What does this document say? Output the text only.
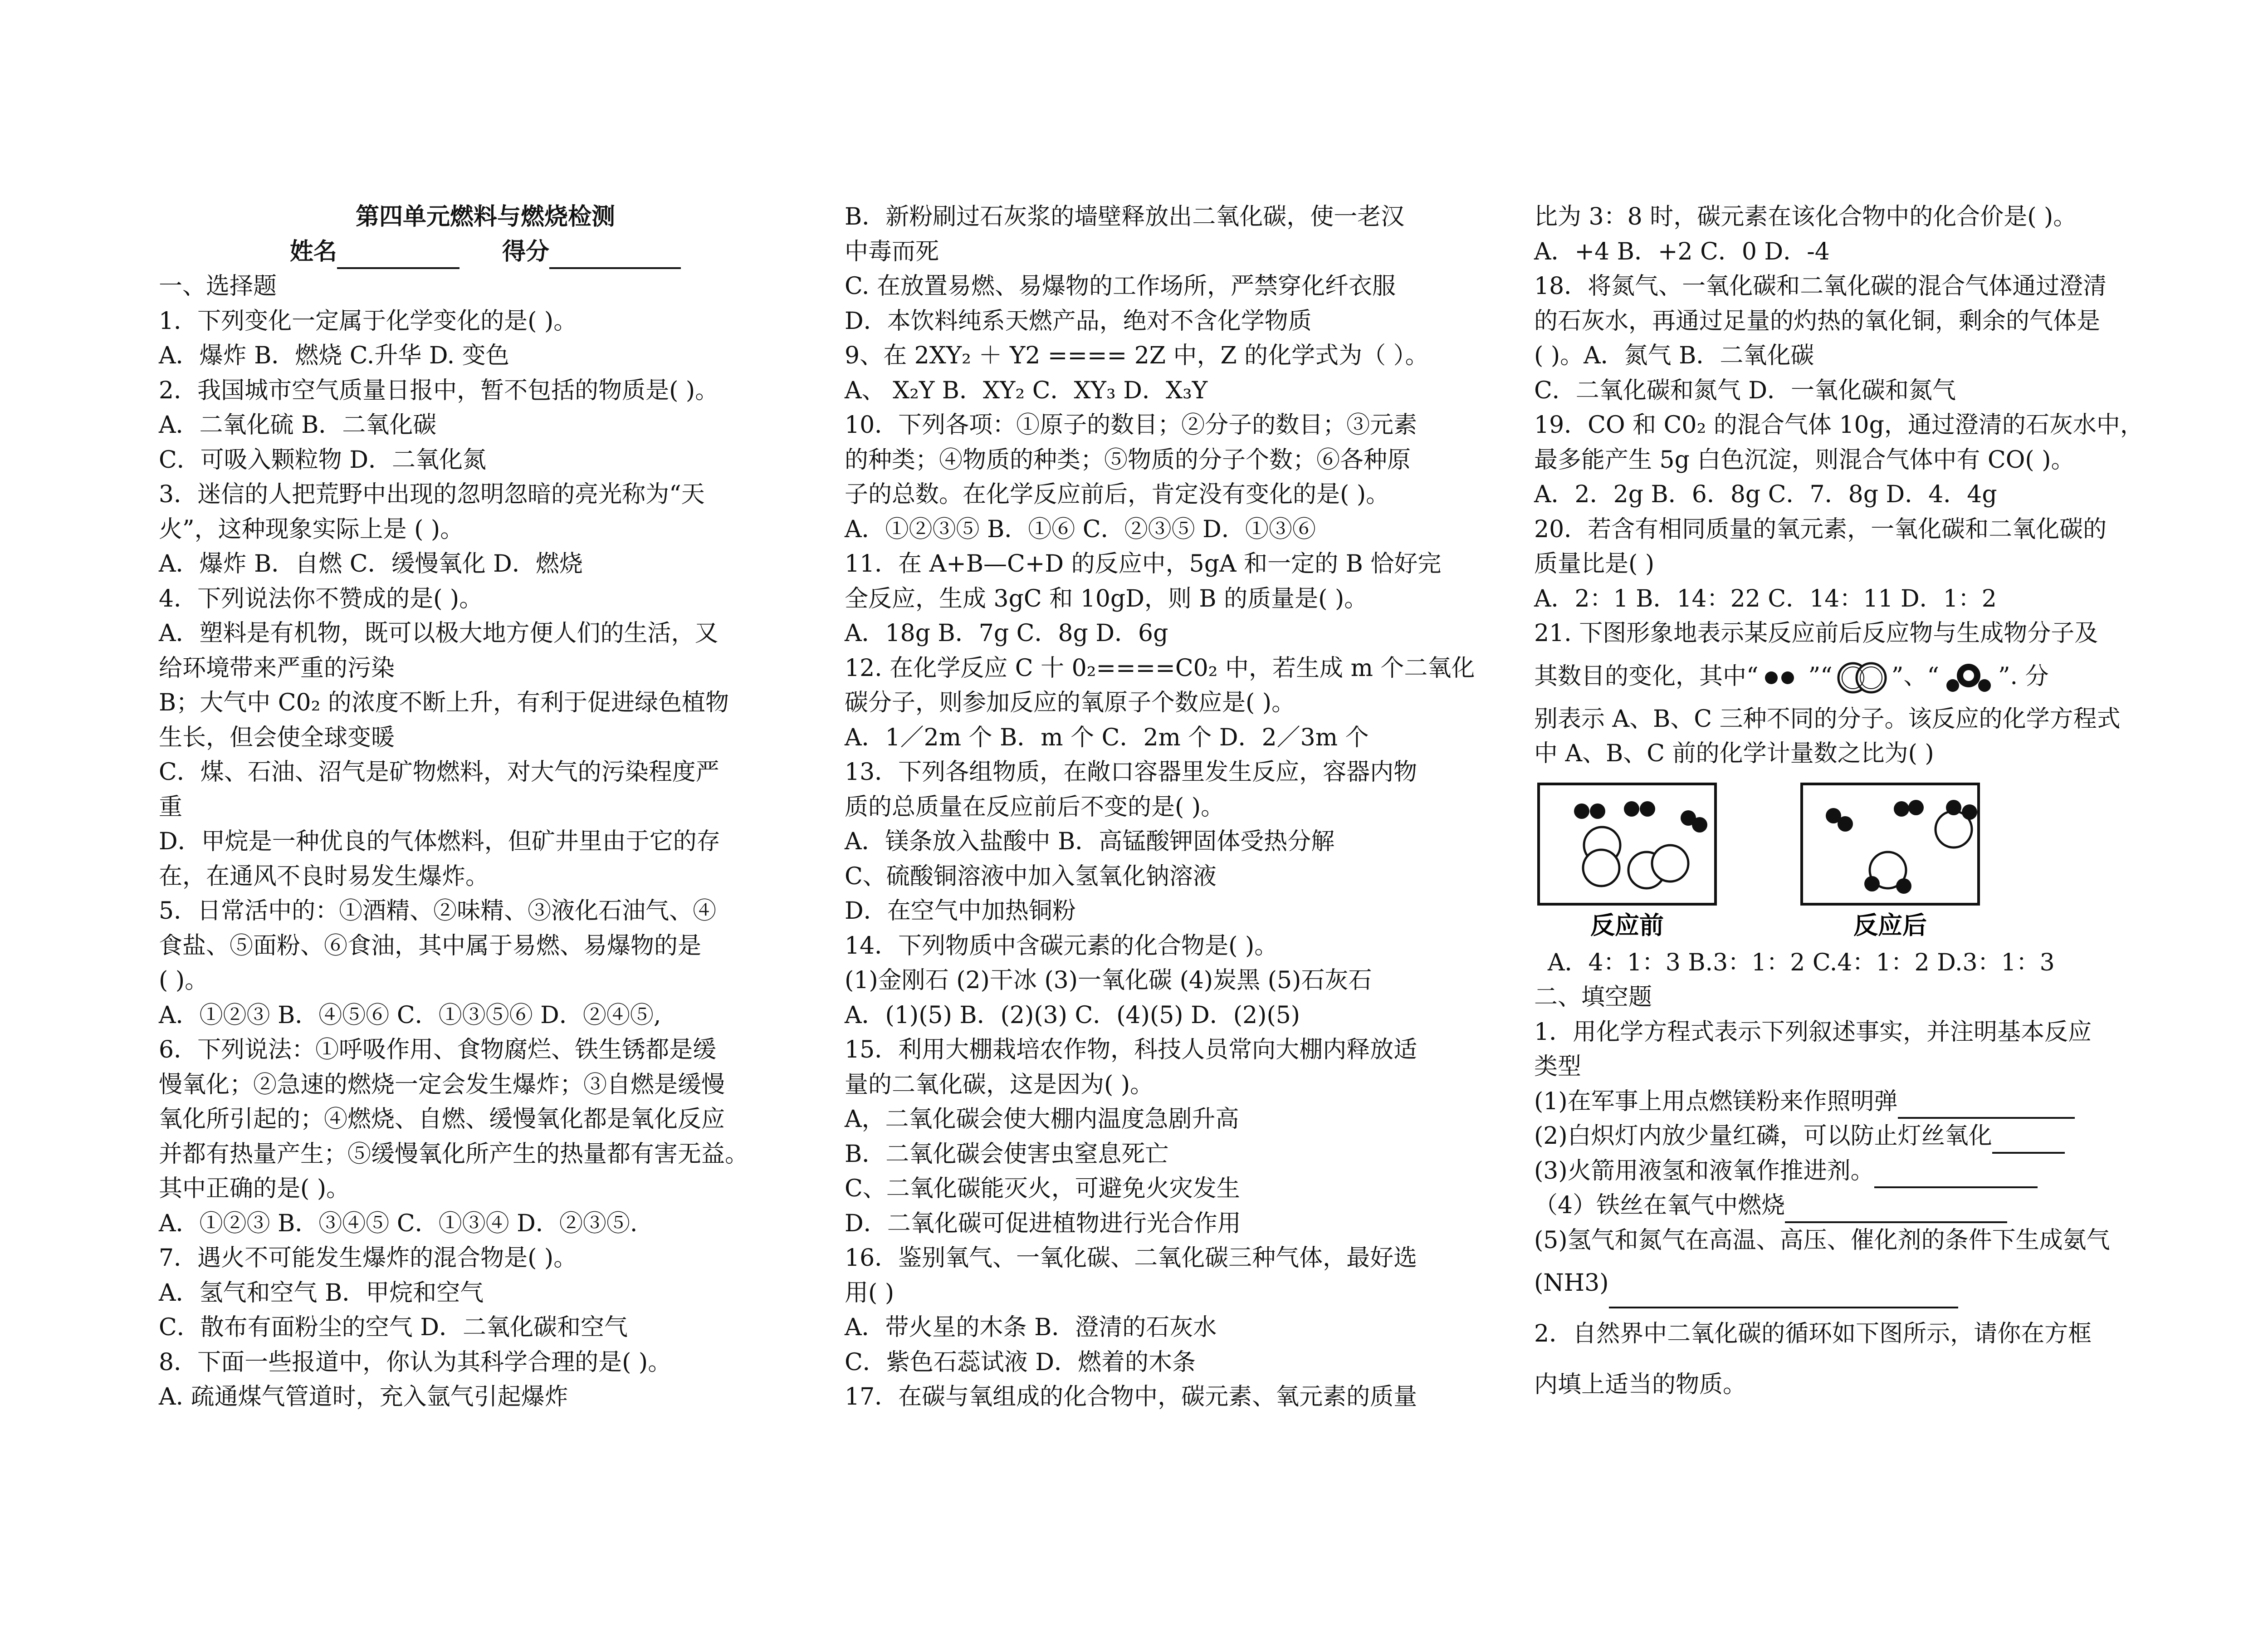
第四单元燃料与燃烧检测
姓名	得分
一、选择题
1．下列变化一定属于化学变化的是( )。
A．爆炸 B．燃烧 C.升华 D. 变色
2．我国城市空气质量日报中，暂不包括的物质是( )。
A．二氧化硫 B．二氧化碳
C．可吸入颗粒物 D．二氧化氮
3．迷信的人把荒野中出现的忽明忽暗的亮光称为“天
火”，这种现象实际上是 ( )。
A．爆炸 B．自燃 C．缓慢氧化 D．燃烧
4．下列说法你不赞成的是( )。
A．塑料是有机物，既可以极大地方便人们的生活，又
给环境带来严重的污染
B；大气中 C0₂ 的浓度不断上升，有利于促进绿色植物
生长，但会使全球变暖
C．煤、石油、沼气是矿物燃料，对大气的污染程度严
重
D．甲烷是一种优良的气体燃料，但矿井里由于它的存
在，在通风不良时易发生爆炸。
5．日常活中的：①酒精、②味精、③液化石油气、④
食盐、⑤面粉、⑥食油，其中属于易燃、易爆物的是
( )。
A．①②③ B．④⑤⑥ C．①③⑤⑥ D．②④⑤,
6．下列说法：①呼吸作用、食物腐烂、铁生锈都是缓
慢氧化；②急速的燃烧一定会发生爆炸；③自燃是缓慢
氧化所引起的；④燃烧、自燃、缓慢氧化都是氧化反应
并都有热量产生；⑤缓慢氧化所产生的热量都有害无益。
其中正确的是( )。
A．①②③ B．③④⑤ C．①③④ D．②③⑤.
7．遇火不可能发生爆炸的混合物是( )。
A．氢气和空气 B．甲烷和空气
C．散布有面粉尘的空气 D．二氧化碳和空气
8．下面一些报道中，你认为其科学合理的是( )。
A. 疏通煤气管道时，充入氩气引起爆炸
B．新粉刷过石灰浆的墙壁释放出二氧化碳，使一老汉
中毒而死
C. 在放置易燃、易爆物的工作场所，严禁穿化纤衣服
D．本饮料纯系天燃产品，绝对不含化学物质
9、在 2XY₂ ＋ Y2 ==== 2Z 中，Z 的化学式为（ ）。
A、 X₂Y B．XY₂ C．XY₃ D．X₃Y
10．下列各项：①原子的数目；②分子的数目；③元素
的种类；④物质的种类；⑤物质的分子个数；⑥各种原
子的总数。在化学反应前后，肯定没有变化的是( )。
A．①②③⑤ B．①⑥ C．②③⑤ D．①③⑥
11．在 A+B—C+D 的反应中，5gA 和一定的 B 恰好完
全反应，生成 3gC 和 10gD，则 B 的质量是( )。
A．18g B．7g C．8g D．6g
12. 在化学反应 C 十 0₂====C0₂ 中，若生成 m 个二氧化
碳分子，则参加反应的氧原子个数应是( )。
A．1／2m 个 B．m 个 C．2m 个 D．2／3m 个
13．下列各组物质，在敞口容器里发生反应，容器内物
质的总质量在反应前后不变的是( )。
A．镁条放入盐酸中 B．高锰酸钾固体受热分解
C、硫酸铜溶液中加入氢氧化钠溶液
D．在空气中加热铜粉
14．下列物质中含碳元素的化合物是( )。
(1)金刚石 (2)干冰 (3)一氧化碳 (4)炭黑 (5)石灰石
A．(1)(5) B．(2)(3) C．(4)(5) D．(2)(5)
15．利用大棚栽培农作物，科技人员常向大棚内释放适
量的二氧化碳，这是因为( )。
A，二氧化碳会使大棚内温度急剧升高
B．二氧化碳会使害虫窒息死亡
C、二氧化碳能灭火，可避免火灾发生
D．二氧化碳可促进植物进行光合作用
16．鉴别氧气、一氧化碳、二氧化碳三种气体，最好选
用( )
A．带火星的木条 B．澄清的石灰水
C．紫色石蕊试液 D．燃着的木条
17．在碳与氧组成的化合物中，碳元素、氧元素的质量
比为 3：8 时，碳元素在该化合物中的化合价是( )。
A．+4 B．+2 C．0 D．-4
18．将氮气、一氧化碳和二氧化碳的混合气体通过澄清
的石灰水，再通过足量的灼热的氧化铜，剩余的气体是
( )。A．氮气 B．二氧化碳
C．二氧化碳和氮气 D．一氧化碳和氮气
19．CO 和 C0₂ 的混合气体 10g，通过澄清的石灰水中，
最多能产生 5g 白色沉淀，则混合气体中有 CO( )。
A．2．2g B．6．8g C．7．8g D．4．4g
20．若含有相同质量的氧元素，一氧化碳和二氧化碳的
质量比是( )
A．2：1 B．14：22 C．14：11 D．1：2
21. 下图形象地表示某反应前后反应物与生成物分子及
其数目的变化，其中“ ”“	”、“	”. 分
别表示 A、B、C 三种不同的分子。该反应的化学方程式
中 A、B、C 前的化学计量数之比为( )
反应前	反应后
A．4：1：3 B.3：1：2 C.4：1：2 D.3：1：3
二、填空题
1．用化学方程式表示下列叙述事实，并注明基本反应
类型
(1)在军事上用点燃镁粉来作照明弹
(2)白炽灯内放少量红磷，可以防止灯丝氧化
(3)火箭用液氢和液氧作推进剂。
（4）铁丝在氧气中燃烧
(5)氢气和氮气在高温、高压、催化剂的条件下生成氨气
(NH3)
2．自然界中二氧化碳的循环如下图所示，请你在方框
内填上适当的物质。
